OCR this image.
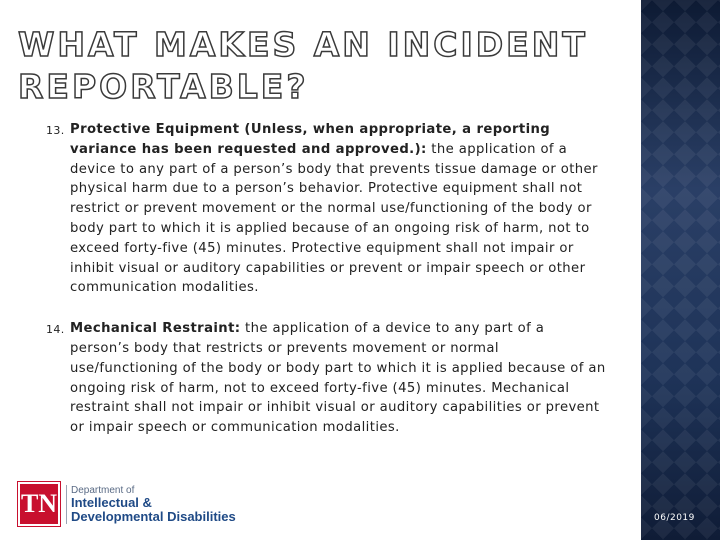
WHAT MAKES AN INCIDENT
REPORTABLE?
13. Protective Equipment (Unless, when appropriate, a reporting variance has been requested and approved.): the application of a device to any part of a person’s body that prevents tissue damage or other physical harm due to a person’s behavior. Protective equipment shall not restrict or prevent movement or the normal use/functioning of the body or body part to which it is applied because of an ongoing risk of harm, not to exceed forty-five (45) minutes. Protective equipment shall not impair or inhibit visual or auditory capabilities or prevent or impair speech or other communication modalities.
14. Mechanical Restraint: the application of a device to any part of a person’s body that restricts or prevents movement or normal use/functioning of the body or body part to which it is applied because of an ongoing risk of harm, not to exceed forty-five (45) minutes. Mechanical restraint shall not impair or inhibit visual or auditory capabilities or prevent or impair speech or communication modalities.
TN Department of
Intellectual &
Developmental Disabilities	06/2019
